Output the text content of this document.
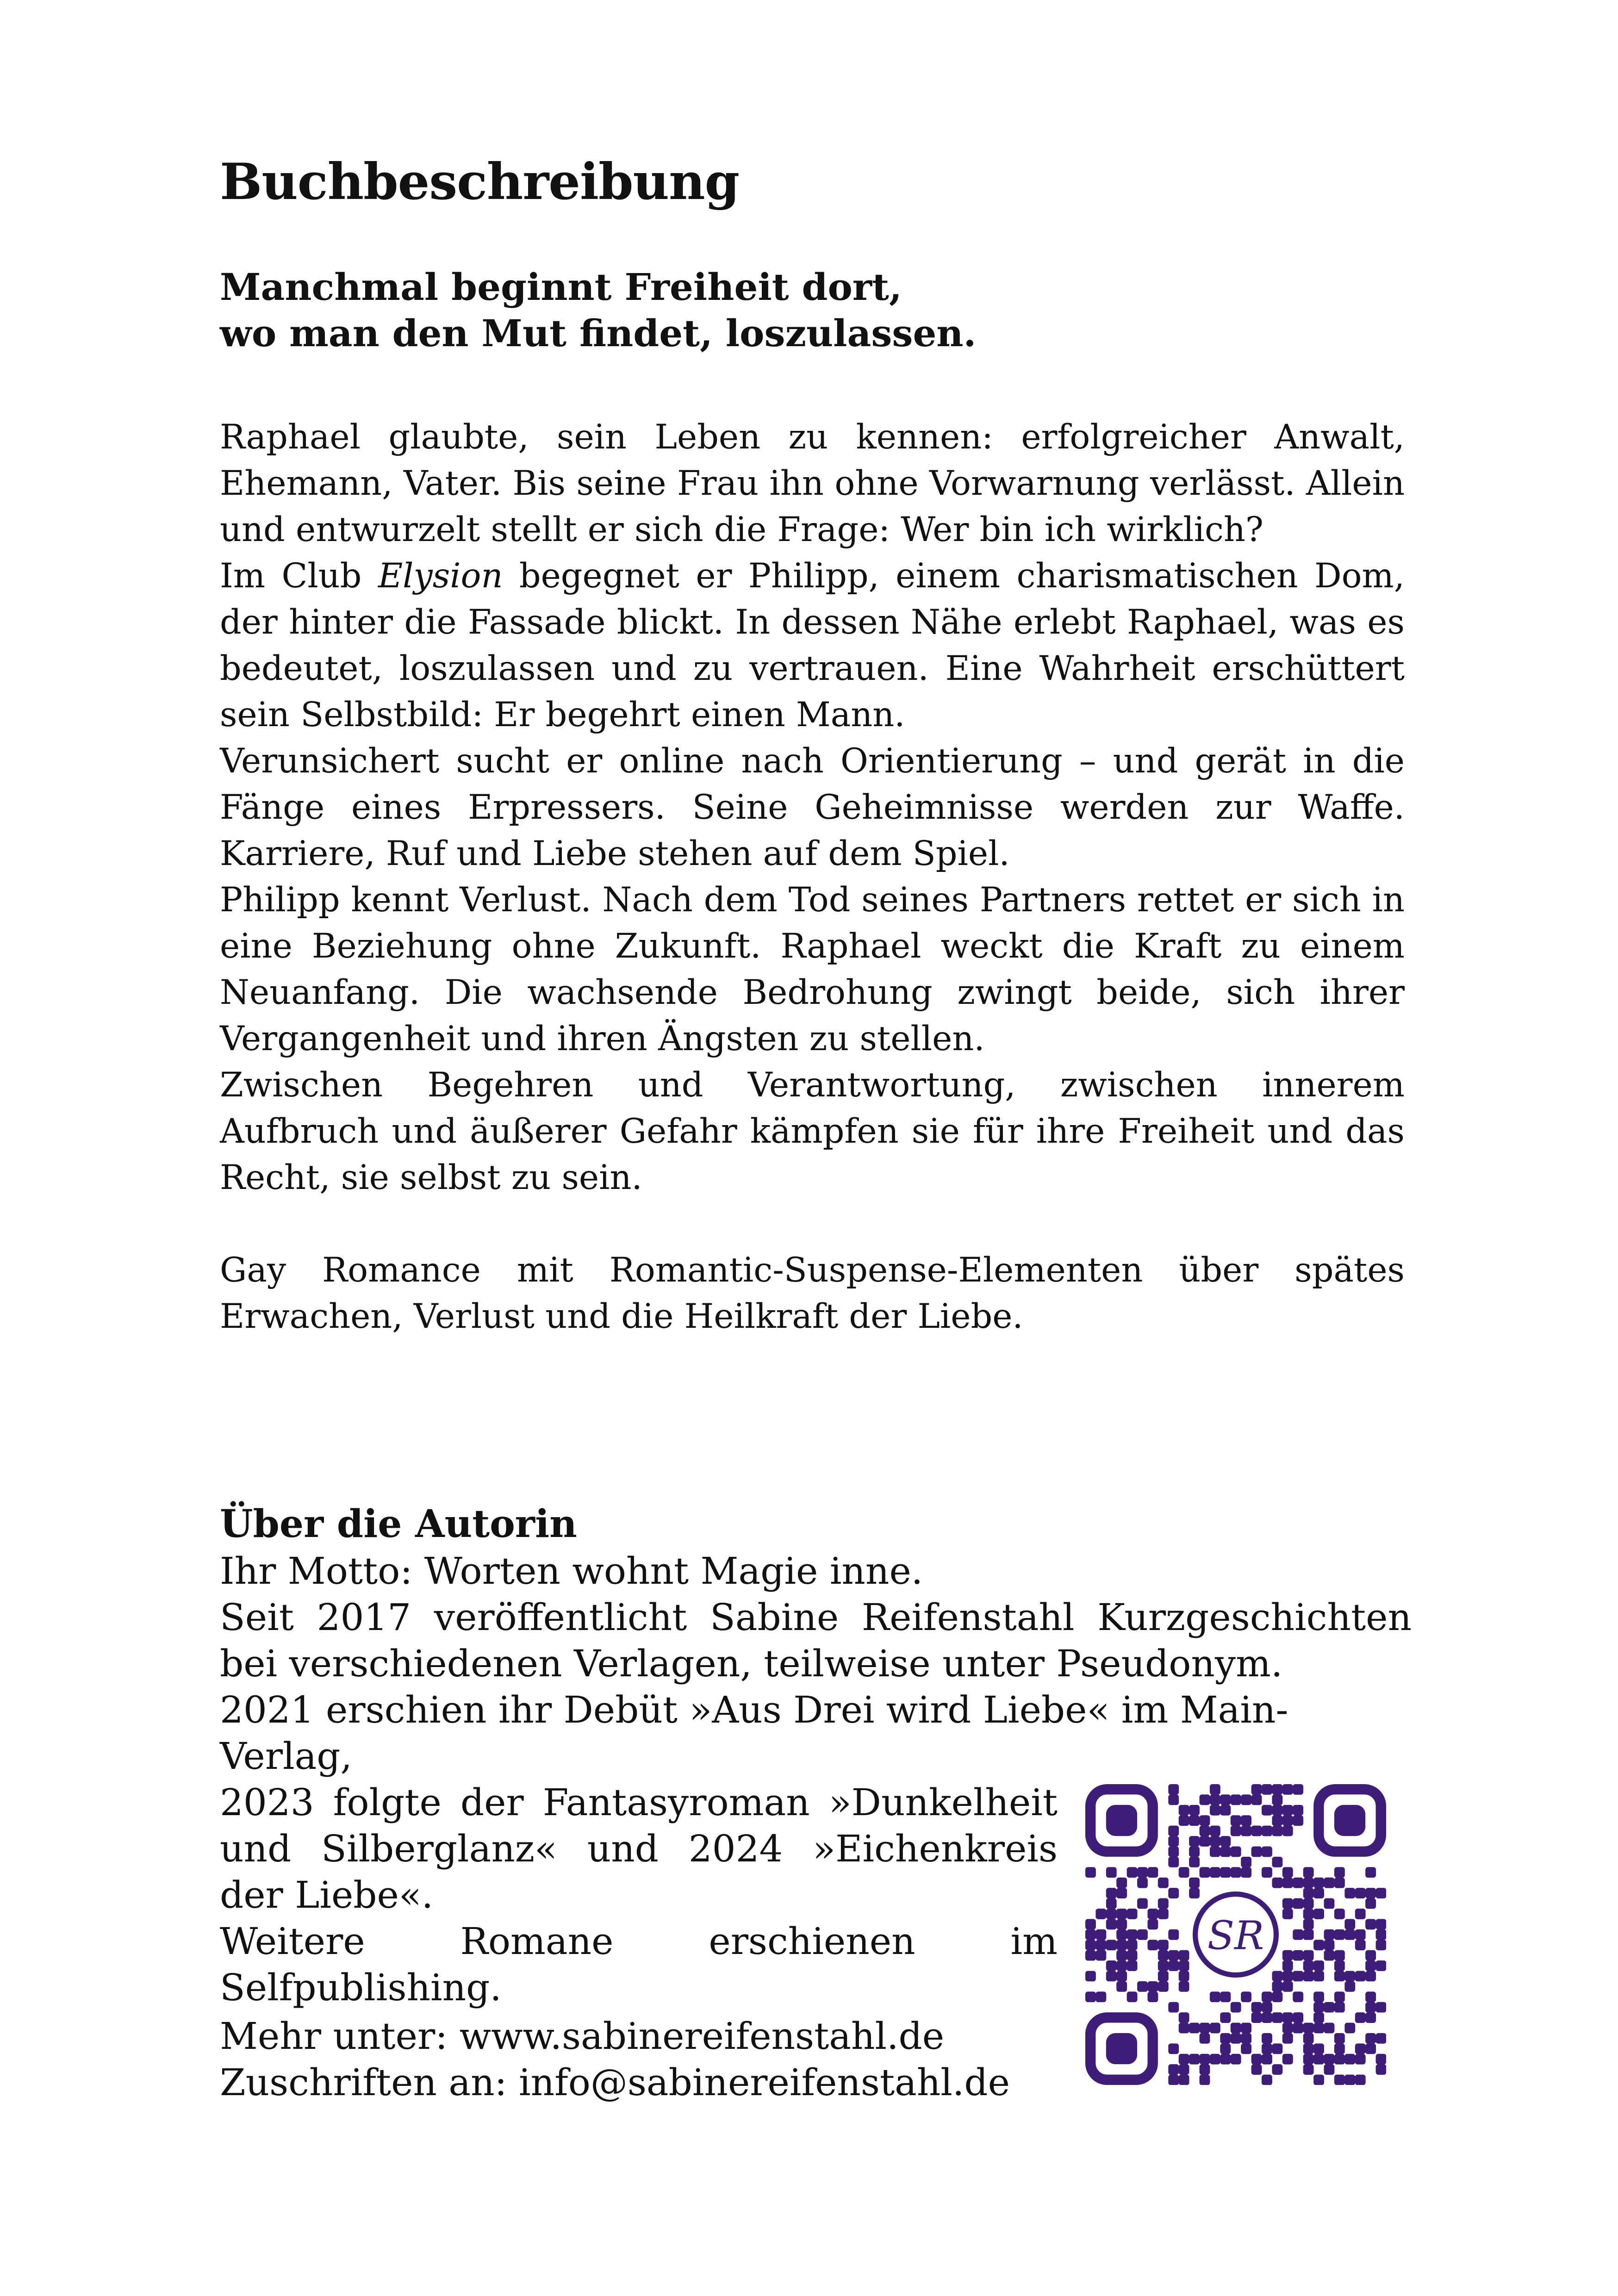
Buchbeschreibung
Manchmal beginnt Freiheit dort,
wo man den Mut findet, loszulassen.

Raphael glaubte, sein Leben zu kennen: erfolgreicher Anwalt, Ehemann, Vater. Bis seine Frau ihn ohne Vorwarnung verlässt. Allein und entwurzelt stellt er sich die Frage: Wer bin ich wirklich?

Im Club Elysion begegnet er Philipp, einem charismatischen Dom, der hinter die Fassade blickt. In dessen Nähe erlebt Raphael, was es bedeutet, loszulassen und zu vertrauen. Eine Wahrheit erschüttert sein Selbstbild: Er begehrt einen Mann.

Verunsichert sucht er online nach Orientierung – und gerät in die Fänge eines Erpressers. Seine Geheimnisse werden zur Waffe. Karriere, Ruf und Liebe stehen auf dem Spiel.

Philipp kennt Verlust. Nach dem Tod seines Partners rettet er sich in eine Beziehung ohne Zukunft. Raphael weckt die Kraft zu einem Neuanfang. Die wachsende Bedrohung zwingt beide, sich ihrer Vergangenheit und ihren Ängsten zu stellen.

Zwischen Begehren und Verantwortung, zwischen innerem Aufbruch und äußerer Gefahr kämpfen sie für ihre Freiheit und das Recht, sie selbst zu sein.

Gay Romance mit Romantic-Suspense-Elementen über spätes Erwachen, Verlust und die Heilkraft der Liebe.

Über die Autorin

Ihr Motto: Worten wohnt Magie inne.

Seit 2017 veröffentlicht Sabine Reifenstahl Kurzgeschichten bei verschiedenen Verlagen, teilweise unter Pseudonym.

2021 erschien ihr Debüt »Aus Drei wird Liebe« im Main-Verlag,

2023 folgte der Fantasyroman »Dunkelheit und Silberglanz« und 2024 »Eichenkreis der Liebe«.

Weitere Romane erschienen im Selfpublishing.

Mehr unter: www.sabinereifenstahl.de

Zuschriften an: info@sabinereifenstahl.de

SR
